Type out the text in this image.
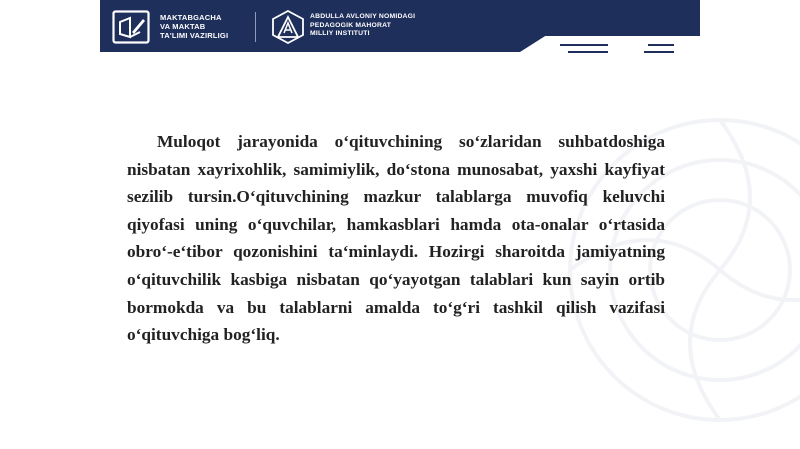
MAKTABGACHA
VA MAKTAB
TA'LIMI VAZIRLIGI
ABDULLA AVLONIY NOMIDAGI
PEDAGOGIK MAHORAT
MILLIY INSTITUTI

Muloqot jarayonida o‘qituvchining so‘zlaridan suhbatdoshiga nisbatan xayrixohlik, samimiylik, do‘stona munosabat, yaxshi kayfiyat sezilib tursin.O‘qituvchining mazkur talablarga muvofiq keluvchi qiyofasi uning o‘quvchilar, hamkasblari hamda ota-onalar o‘rtasida obro‘-e‘tibor qozonishini ta‘minlaydi. Hozirgi sharoitda jamiyatning o‘qituvchilik kasbiga nisbatan qo‘yayotgan talablari kun sayin ortib bormokda va bu talablarni amalda to‘g‘ri tashkil qilish vazifasi o‘qituvchiga bog‘liq.
